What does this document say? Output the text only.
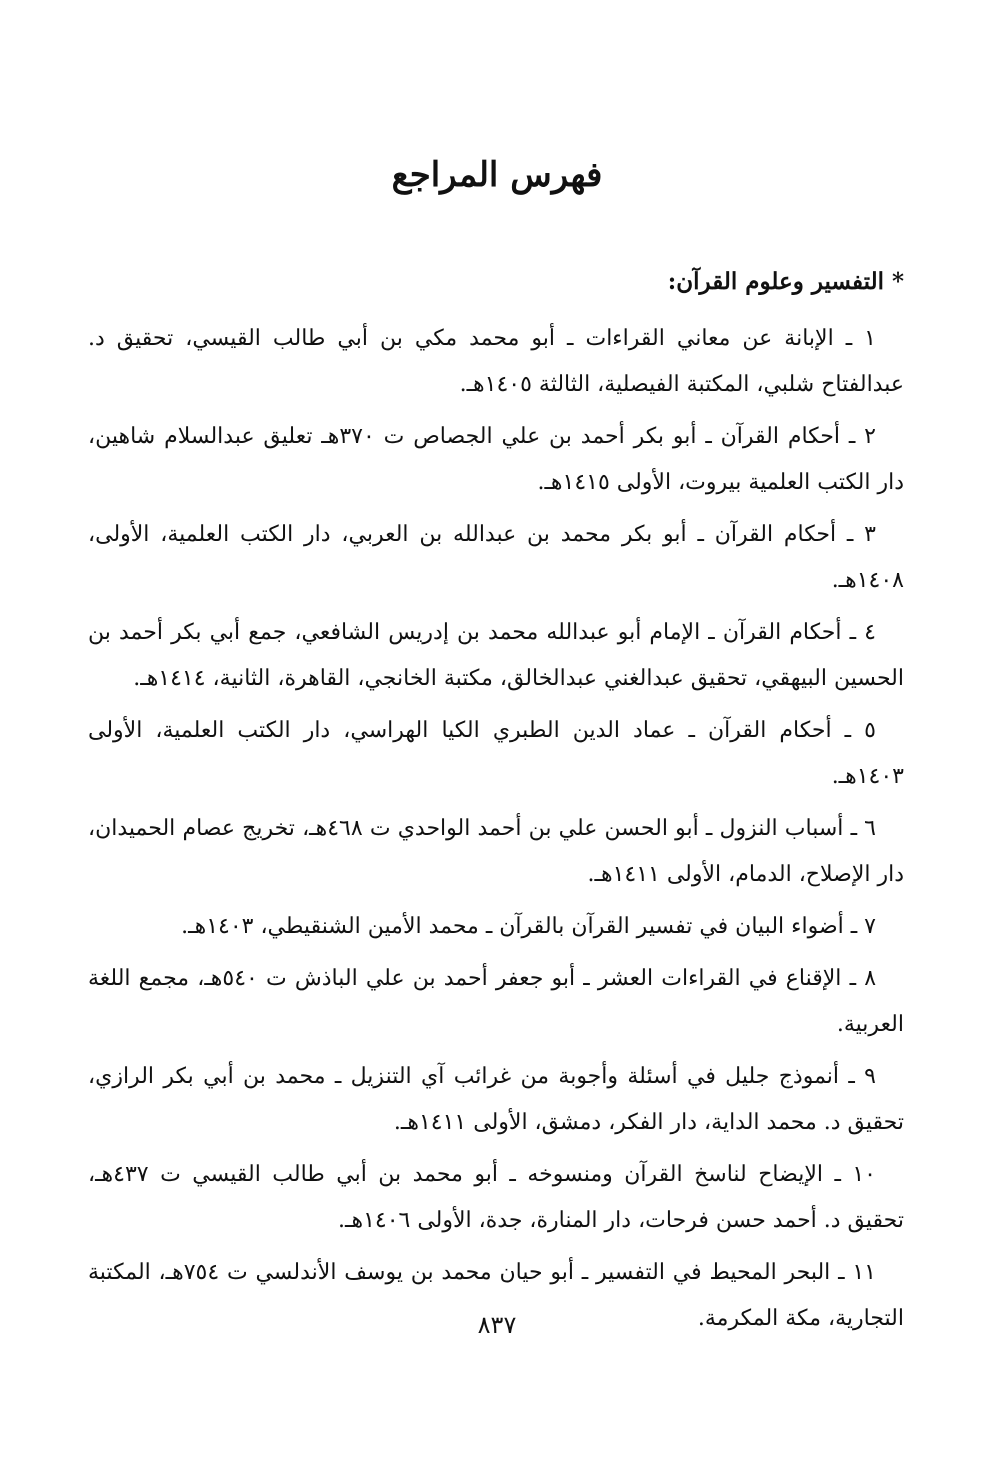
فهرس المراجع
* التفسير وعلوم القرآن:

١ ـ الإبانة عن معاني القراءات ـ أبو محمد مكي بن أبي طالب القيسي، تحقيق د. عبدالفتاح شلبي، المكتبة الفيصلية، الثالثة ١٤٠٥هـ.

٢ ـ أحكام القرآن ـ أبو بكر أحمد بن علي الجصاص ت ٣٧٠هـ تعليق عبدالسلام شاهين، دار الكتب العلمية بيروت، الأولى ١٤١٥هـ.

٣ ـ أحكام القرآن ـ أبو بكر محمد بن عبدالله بن العربي، دار الكتب العلمية، الأولى، ١٤٠٨هـ.

٤ ـ أحكام القرآن ـ الإمام أبو عبدالله محمد بن إدريس الشافعي، جمع أبي بكر أحمد بن الحسين البيهقي، تحقيق عبدالغني عبدالخالق، مكتبة الخانجي، القاهرة، الثانية، ١٤١٤هـ.

٥ ـ أحكام القرآن ـ عماد الدين الطبري الكيا الهراسي، دار الكتب العلمية، الأولى ١٤٠٣هـ.

٦ ـ أسباب النزول ـ أبو الحسن علي بن أحمد الواحدي ت ٤٦٨هـ، تخريج عصام الحميدان، دار الإصلاح، الدمام، الأولى ١٤١١هـ.

٧ ـ أضواء البيان في تفسير القرآن بالقرآن ـ محمد الأمين الشنقيطي، ١٤٠٣هـ.

٨ ـ الإقناع في القراءات العشر ـ أبو جعفر أحمد بن علي الباذش ت ٥٤٠هـ، مجمع اللغة العربية.

٩ ـ أنموذج جليل في أسئلة وأجوبة من غرائب آي التنزيل ـ محمد بن أبي بكر الرازي، تحقيق د. محمد الداية، دار الفكر، دمشق، الأولى ١٤١١هـ.

١٠ ـ الإيضاح لناسخ القرآن ومنسوخه ـ أبو محمد بن أبي طالب القيسي ت ٤٣٧هـ، تحقيق د. أحمد حسن فرحات، دار المنارة، جدة، الأولى ١٤٠٦هـ.

١١ ـ البحر المحيط في التفسير ـ أبو حيان محمد بن يوسف الأندلسي ت ٧٥٤هـ، المكتبة التجارية، مكة المكرمة.

٨٣٧
